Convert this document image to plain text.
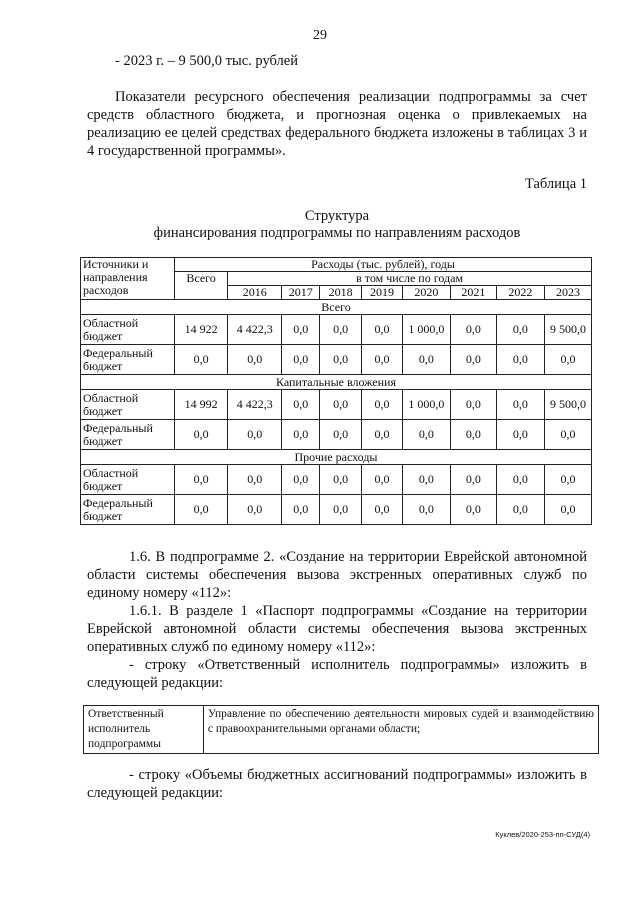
29
- 2023 г. – 9 500,0 тыс. рублей
Показатели ресурсного обеспечения реализации подпрограммы за счет средств областного бюджета, и прогнозная оценка о привлекаемых на реализацию ее целей средствах федерального бюджета изложены в таблицах 3 и 4 государственной программы».
Таблица 1
Структура
финансирования подпрограммы по направлениям расходов
Источники и направления расходов	Расходы (тыс. рублей), годы								
	Всего	в том числе по годам							
		2016	2017	2018	2019	2020	2021	2022	2023
Всего									
Областной бюджет	14 922	4 422,3	0,0	0,0	0,0	1 000,0	0,0	0,0	9 500,0
Федеральный бюджет	0,0	0,0	0,0	0,0	0,0	0,0	0,0	0,0	0,0
Капитальные вложения									
Областной бюджет	14 992	4 422,3	0,0	0,0	0,0	1 000,0	0,0	0,0	9 500,0
Федеральный бюджет	0,0	0,0	0,0	0,0	0,0	0,0	0,0	0,0	0,0
Прочие расходы									
Областной бюджет	0,0	0,0	0,0	0,0	0,0	0,0	0,0	0,0	0,0
Федеральный бюджет	0,0	0,0	0,0	0,0	0,0	0,0	0,0	0,0	0,0
1.6. В подпрограмме 2. «Создание на территории Еврейской автономной области системы обеспечения вызова экстренных оперативных служб по единому номеру «112»:
1.6.1. В разделе 1 «Паспорт подпрограммы «Создание на территории Еврейской автономной области системы обеспечения вызова экстренных оперативных служб по единому номеру «112»:
- строку «Ответственный исполнитель подпрограммы» изложить в следующей редакции:
Ответственный исполнитель подпрограммы	Управление по обеспечению деятельности мировых судей и взаимодействию с правоохранительными органами области;
- строку «Объемы бюджетных ассигнований подпрограммы» изложить в следующей редакции:
Куклев/2020-253-пп-СУД(4)
